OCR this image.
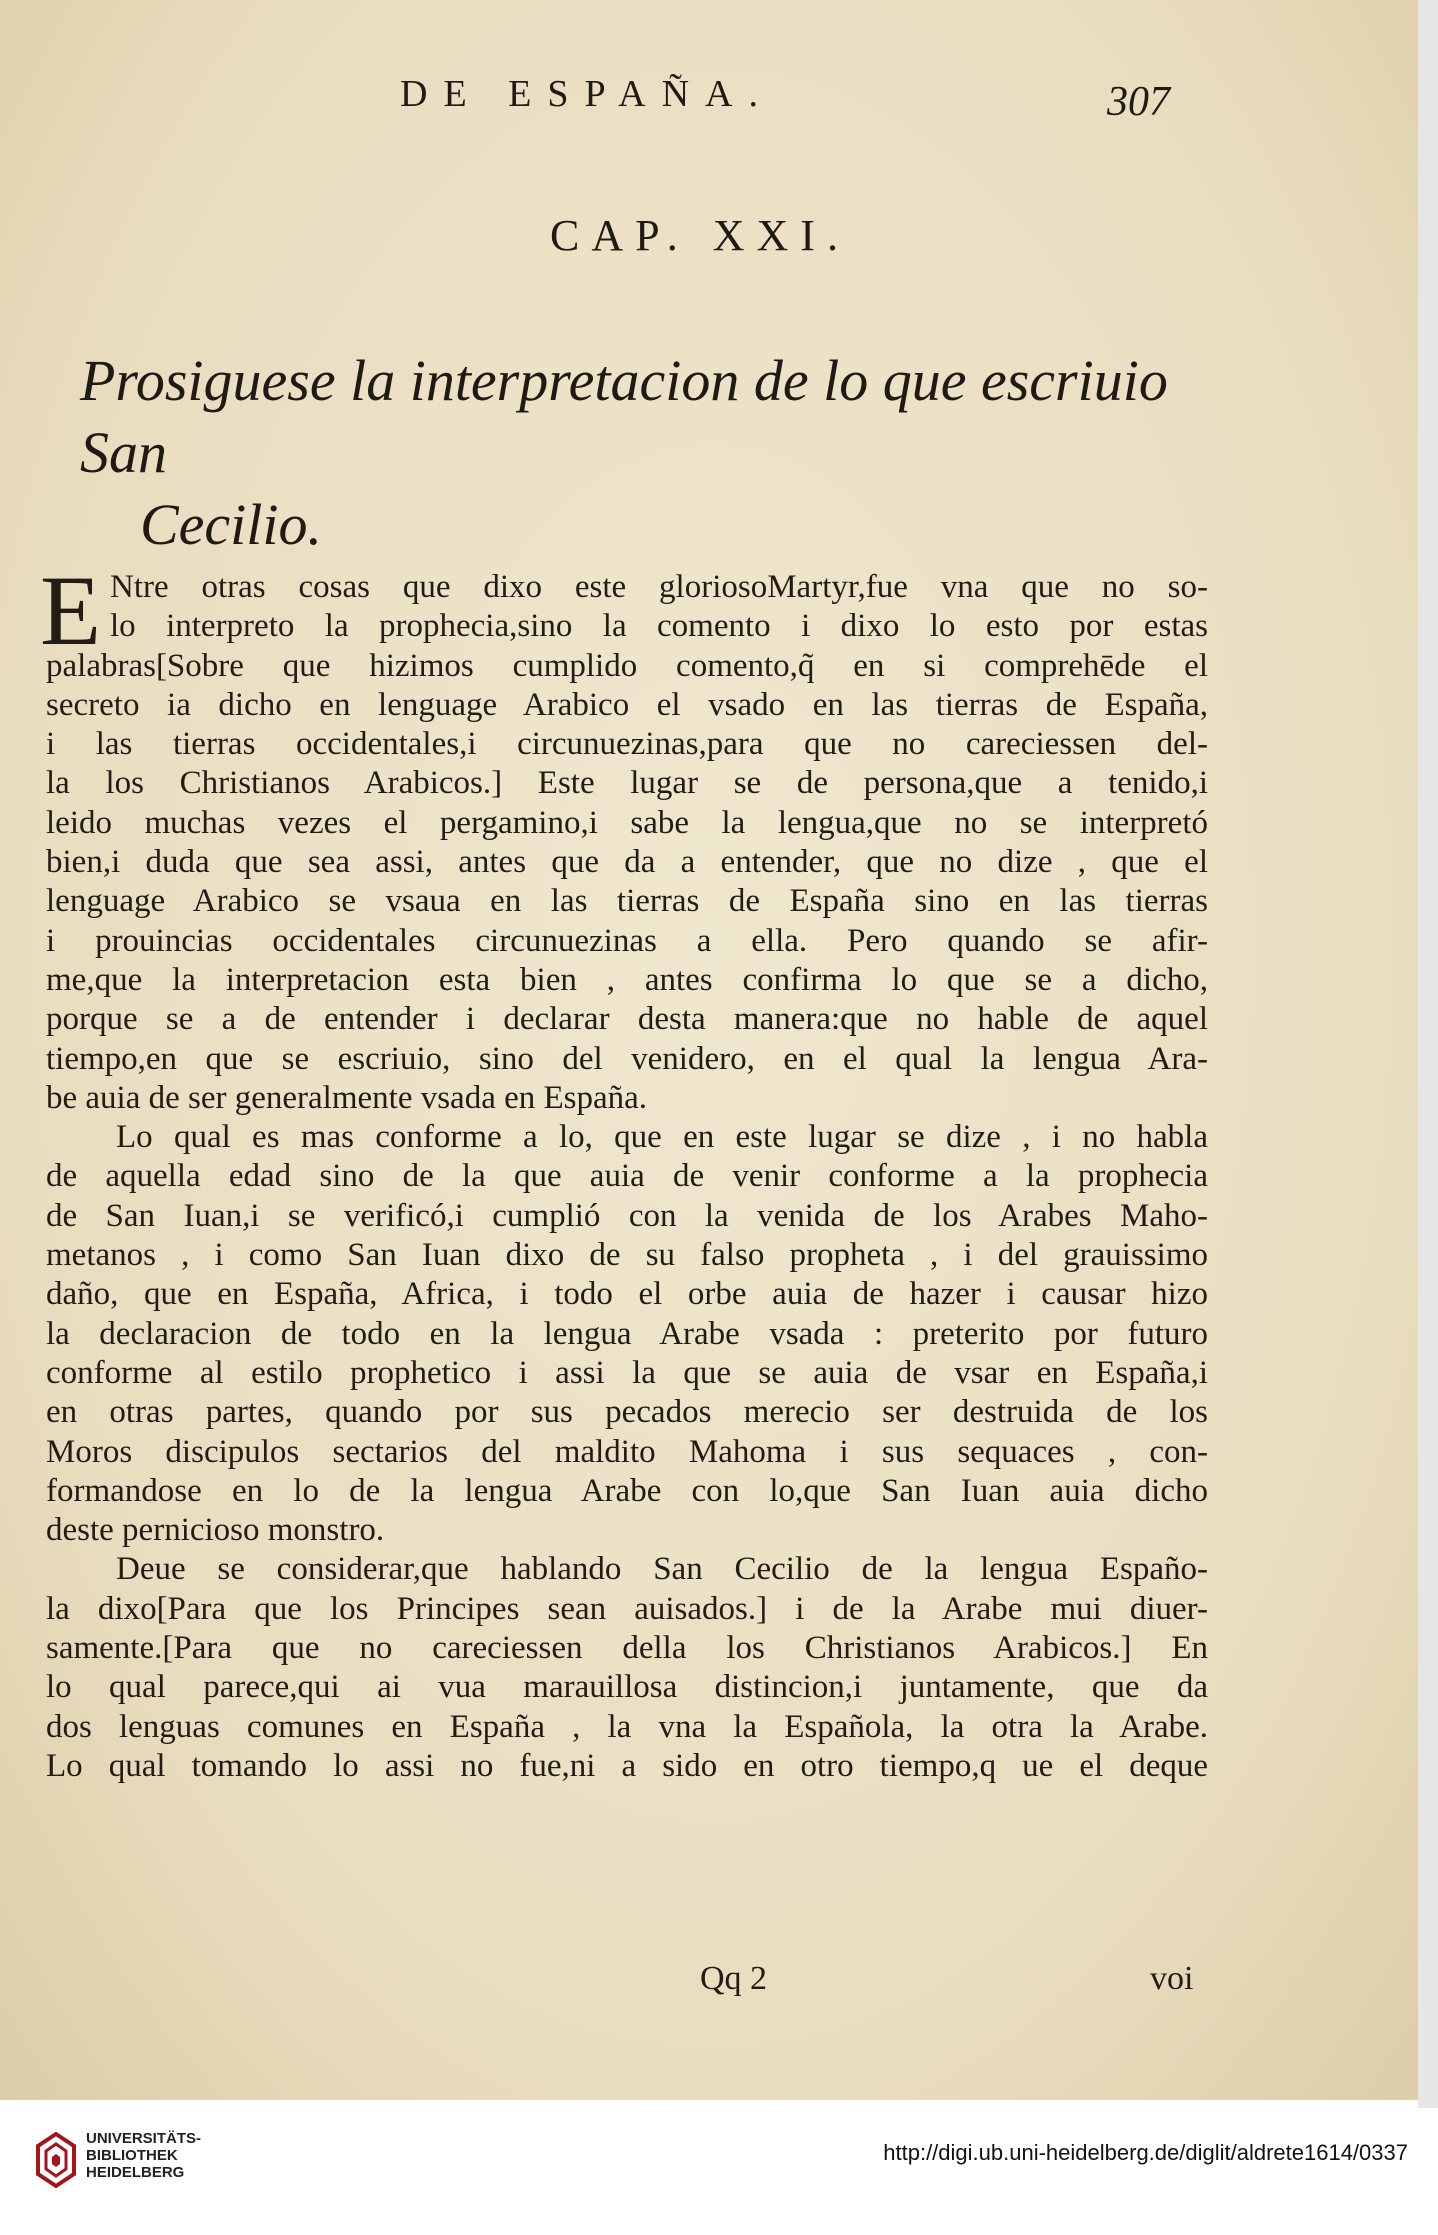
DE ESPAÑA.	307
CAP. XXI.
Prosiguese la interpretacion de lo que escriuio San
Cecilio.
E Ntre otras cosas que dixo este gloriosoMartyr,fue vna que no so-
lo interpreto la prophecia,sino la comento i dixo lo esto por estas
palabras[Sobre que hizimos cumplido comento,q̃ en si comprehēde el
secreto ia dicho en lenguage Arabico el vsado en las tierras de España,
i las tierras occidentales,i circunuezinas,para que no careciessen del-
la los Christianos Arabicos.] Este lugar se de persona,que a tenido,i
leido muchas vezes el pergamino,i sabe la lengua,que no se interpretó
bien,i duda que sea assi, antes que da a entender, que no dize , que el
lenguage Arabico se vsaua en las tierras de España sino en las tierras
i prouincias occidentales circunuezinas a ella. Pero quando se afir-
me,que la interpretacion esta bien , antes confirma lo que se a dicho,
porque se a de entender i declarar desta manera:que no hable de aquel
tiempo,en que se escriuio, sino del venidero, en el qual la lengua Ara-
be auia de ser generalmente vsada en España.
Lo qual es mas conforme a lo, que en este lugar se dize , i no habla
de aquella edad sino de la que auia de venir conforme a la prophecia
de San Iuan,i se verificó,i cumplió con la venida de los Arabes Maho-
metanos , i como San Iuan dixo de su falso propheta , i del grauissimo
daño, que en España, Africa, i todo el orbe auia de hazer i causar hizo
la declaracion de todo en la lengua Arabe vsada : preterito por futuro
conforme al estilo prophetico i assi la que se auia de vsar en España,i
en otras partes, quando por sus pecados merecio ser destruida de los
Moros discipulos sectarios del maldito Mahoma i sus sequaces , con-
formandose en lo de la lengua Arabe con lo,que San Iuan auia dicho
deste pernicioso monstro.
Deue se considerar,que hablando San Cecilio de la lengua Españo-
la dixo[Para que los Principes sean auisados.] i de la Arabe mui diuer-
samente.[Para que no careciessen della los Christianos Arabicos.] En
lo qual parece,qui ai vua marauillosa distincion,i juntamente, que da
dos lenguas comunes en España , la vna la Española, la otra la Arabe.
Lo qual tomando lo assi no fue,ni a sido en otro tiempo,q ue el deque
Qq 2	voi
UNIVERSITÄTS-
BIBLIOTHEK
HEIDELBERG
http://digi.ub.uni-heidelberg.de/diglit/aldrete1614/0337
